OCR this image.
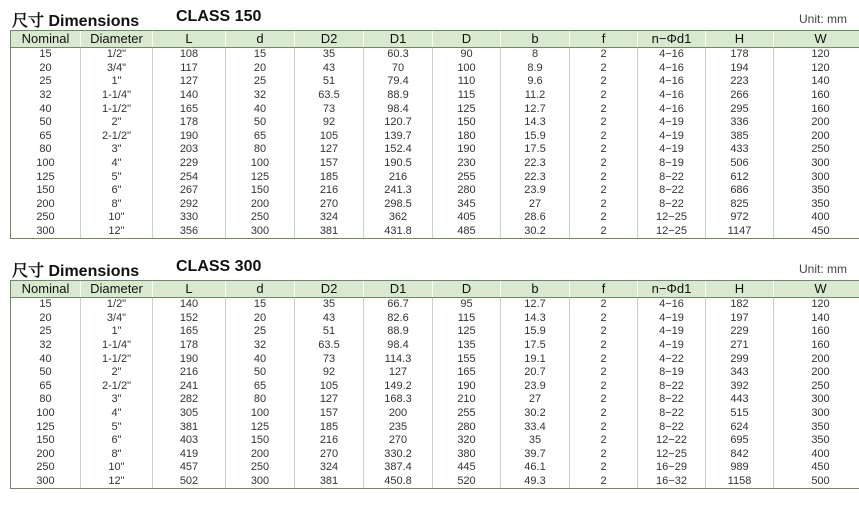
尺寸 Dimensions CLASS 150	Unit: mm
Nominal	Diameter	L	d	D2	D1	D	b	f	n−Φd1	H	W
15	1/2"	108	15	35	60.3	90	8	2	4−16	178	120
20	3/4"	117	20	43	70	100	8.9	2	4−16	194	120
25	1"	127	25	51	79.4	110	9.6	2	4−16	223	140
32	1-1/4"	140	32	63.5	88.9	115	11.2	2	4−16	266	160
40	1-1/2"	165	40	73	98.4	125	12.7	2	4−16	295	160
50	2"	178	50	92	120.7	150	14.3	2	4−19	336	200
65	2-1/2"	190	65	105	139.7	180	15.9	2	4−19	385	200
80	3"	203	80	127	152.4	190	17.5	2	4−19	433	250
100	4"	229	100	157	190.5	230	22.3	2	8−19	506	300
125	5"	254	125	185	216	255	22.3	2	8−22	612	300
150	6"	267	150	216	241.3	280	23.9	2	8−22	686	350
200	8"	292	200	270	298.5	345	27	2	8−22	825	350
250	10"	330	250	324	362	405	28.6	2	12−25	972	400
300	12"	356	300	381	431.8	485	30.2	2	12−25	1147	450
尺寸 Dimensions CLASS 300	Unit: mm
Nominal	Diameter	L	d	D2	D1	D	b	f	n−Φd1	H	W
15	1/2"	140	15	35	66.7	95	12.7	2	4−16	182	120
20	3/4"	152	20	43	82.6	115	14.3	2	4−19	197	140
25	1"	165	25	51	88.9	125	15.9	2	4−19	229	160
32	1-1/4"	178	32	63.5	98.4	135	17.5	2	4−19	271	160
40	1-1/2"	190	40	73	114.3	155	19.1	2	4−22	299	200
50	2"	216	50	92	127	165	20.7	2	8−19	343	200
65	2-1/2"	241	65	105	149.2	190	23.9	2	8−22	392	250
80	3"	282	80	127	168.3	210	27	2	8−22	443	300
100	4"	305	100	157	200	255	30.2	2	8−22	515	300
125	5"	381	125	185	235	280	33.4	2	8−22	624	350
150	6"	403	150	216	270	320	35	2	12−22	695	350
200	8"	419	200	270	330.2	380	39.7	2	12−25	842	400
250	10"	457	250	324	387.4	445	46.1	2	16−29	989	450
300	12"	502	300	381	450.8	520	49.3	2	16−32	1158	500
